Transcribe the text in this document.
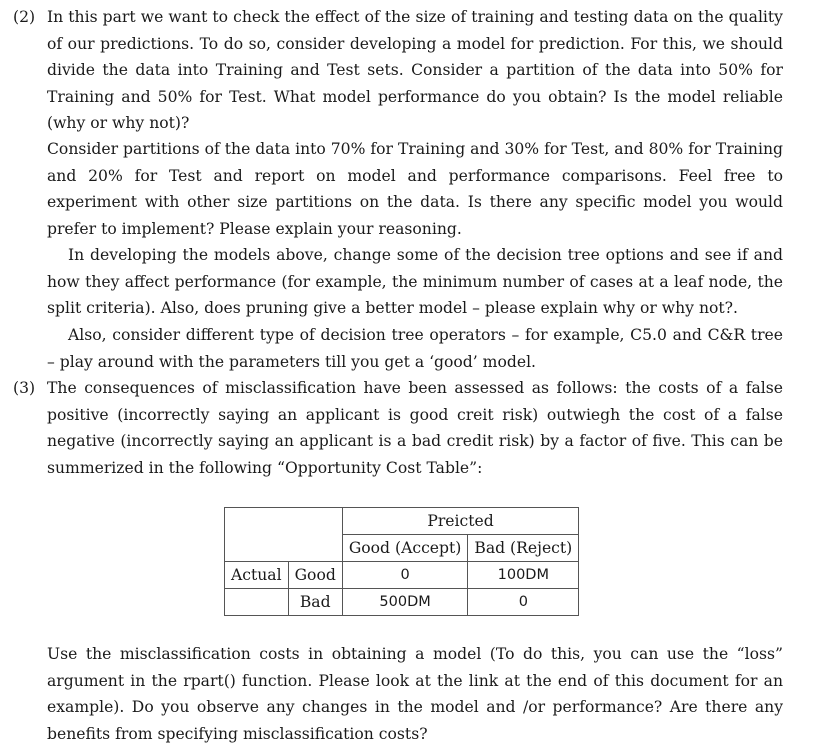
(2) In this part we want to check the effect of the size of training and testing data on the quality of our predictions. To do so, consider developing a model for prediction. For this, we should divide the data into Training and Test sets. Consider a partition of the data into 50% for Training and 50% for Test. What model performance do you obtain? Is the model reliable (why or why not)?

Consider partitions of the data into 70% for Training and 30% for Test, and 80% for Training and 20% for Test and report on model and performance comparisons. Feel free to experiment with other size partitions on the data. Is there any specific model you would prefer to implement? Please explain your reasoning.

In developing the models above, change some of the decision tree options and see if and how they affect performance (for example, the minimum number of cases at a leaf node, the split criteria). Also, does pruning give a better model – please explain why or why not?.

Also, consider different type of decision tree operators – for example, C5.0 and C&R tree – play around with the parameters till you get a ‘good’ model.

(3) The consequences of misclassification have been assessed as follows: the costs of a false positive (incorrectly saying an applicant is good creit risk) outwiegh the cost of a false negative (incorrectly saying an applicant is a bad credit risk) by a factor of five. This can be summerized in the following “Opportunity Cost Table”:

		Preicted	
		Good (Accept)	Bad (Reject)
Actual	Good	0	100DM
	Bad	500DM	0

Use the misclassification costs in obtaining a model (To do this, you can use the “loss” argument in the rpart() function. Please look at the link at the end of this document for an example). Do you observe any changes in the model and /or performance? Are there any benefits from specifying misclassification costs?
